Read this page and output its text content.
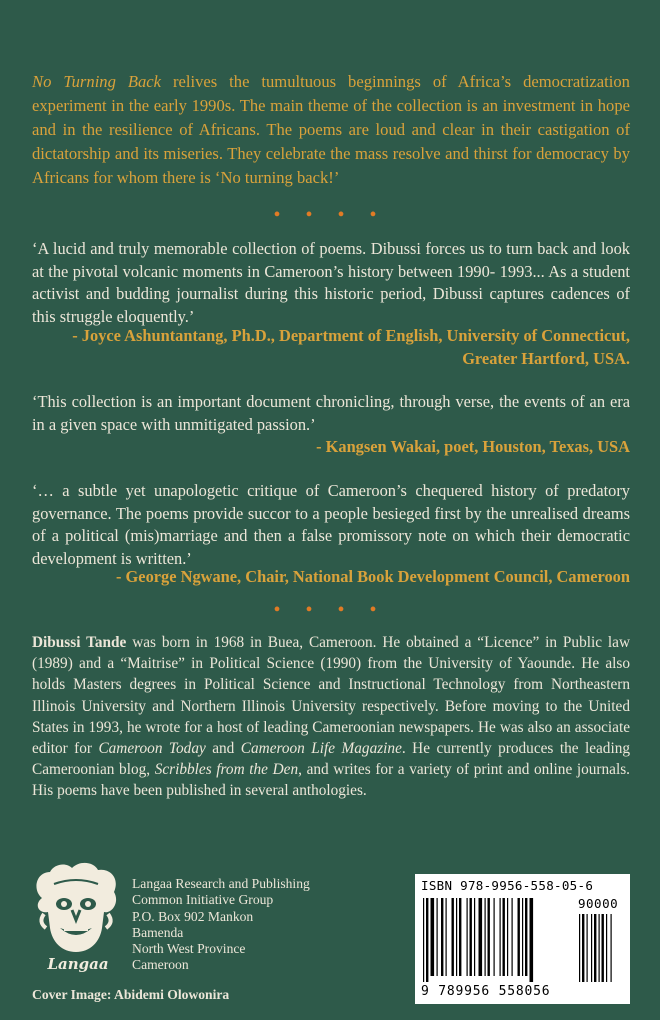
No Turning Back relives the tumultuous beginnings of Africa’s democratization experiment in the early 1990s. The main theme of the collection is an investment in hope and in the resilience of Africans. The poems are loud and clear in their castigation of dictatorship and its miseries. They celebrate the mass resolve and thirst for democracy by Africans for whom there is ‘No turning back!’

• • • •

‘A lucid and truly memorable collection of poems. Dibussi forces us to turn back and look at the pivotal volcanic moments in Cameroon’s history between 1990- 1993... As a student activist and budding journalist during this historic period, Dibussi captures cadences of this struggle eloquently.’

- Joyce Ashuntantang, Ph.D., Department of English, University of Connecticut, Greater Hartford, USA.

‘This collection is an important document chronicling, through verse, the events of an era in a given space with unmitigated passion.’

- Kangsen Wakai, poet, Houston, Texas, USA

‘… a subtle yet unapologetic critique of Cameroon’s chequered history of predatory governance. The poems provide succor to a people besieged first by the unrealised dreams of a political (mis)marriage and then a false promissory note on which their democratic development is written.’

- George Ngwane, Chair, National Book Development Council, Cameroon

• • • •

Dibussi Tande was born in 1968 in Buea, Cameroon. He obtained a “Licence” in Public law (1989) and a “Maitrise” in Political Science (1990) from the University of Yaounde. He also holds Masters degrees in Political Science and Instructional Technology from Northeastern Illinois University and Northern Illinois University respectively. Before moving to the United States in 1993, he wrote for a host of leading Cameroonian newspapers. He was also an associate editor for Cameroon Today and Cameroon Life Magazine. He currently produces the leading Cameroonian blog, Scribbles from the Den, and writes for a variety of print and online journals. His poems have been published in several anthologies.

Langaa
Langaa Research and Publishing
Common Initiative Group
P.O. Box 902 Mankon
Bamenda
North West Province
Cameroon
Cover Image: Abidemi Olowonira
ISBN 978-9956-558-05-6
90000
9 789956 558056
